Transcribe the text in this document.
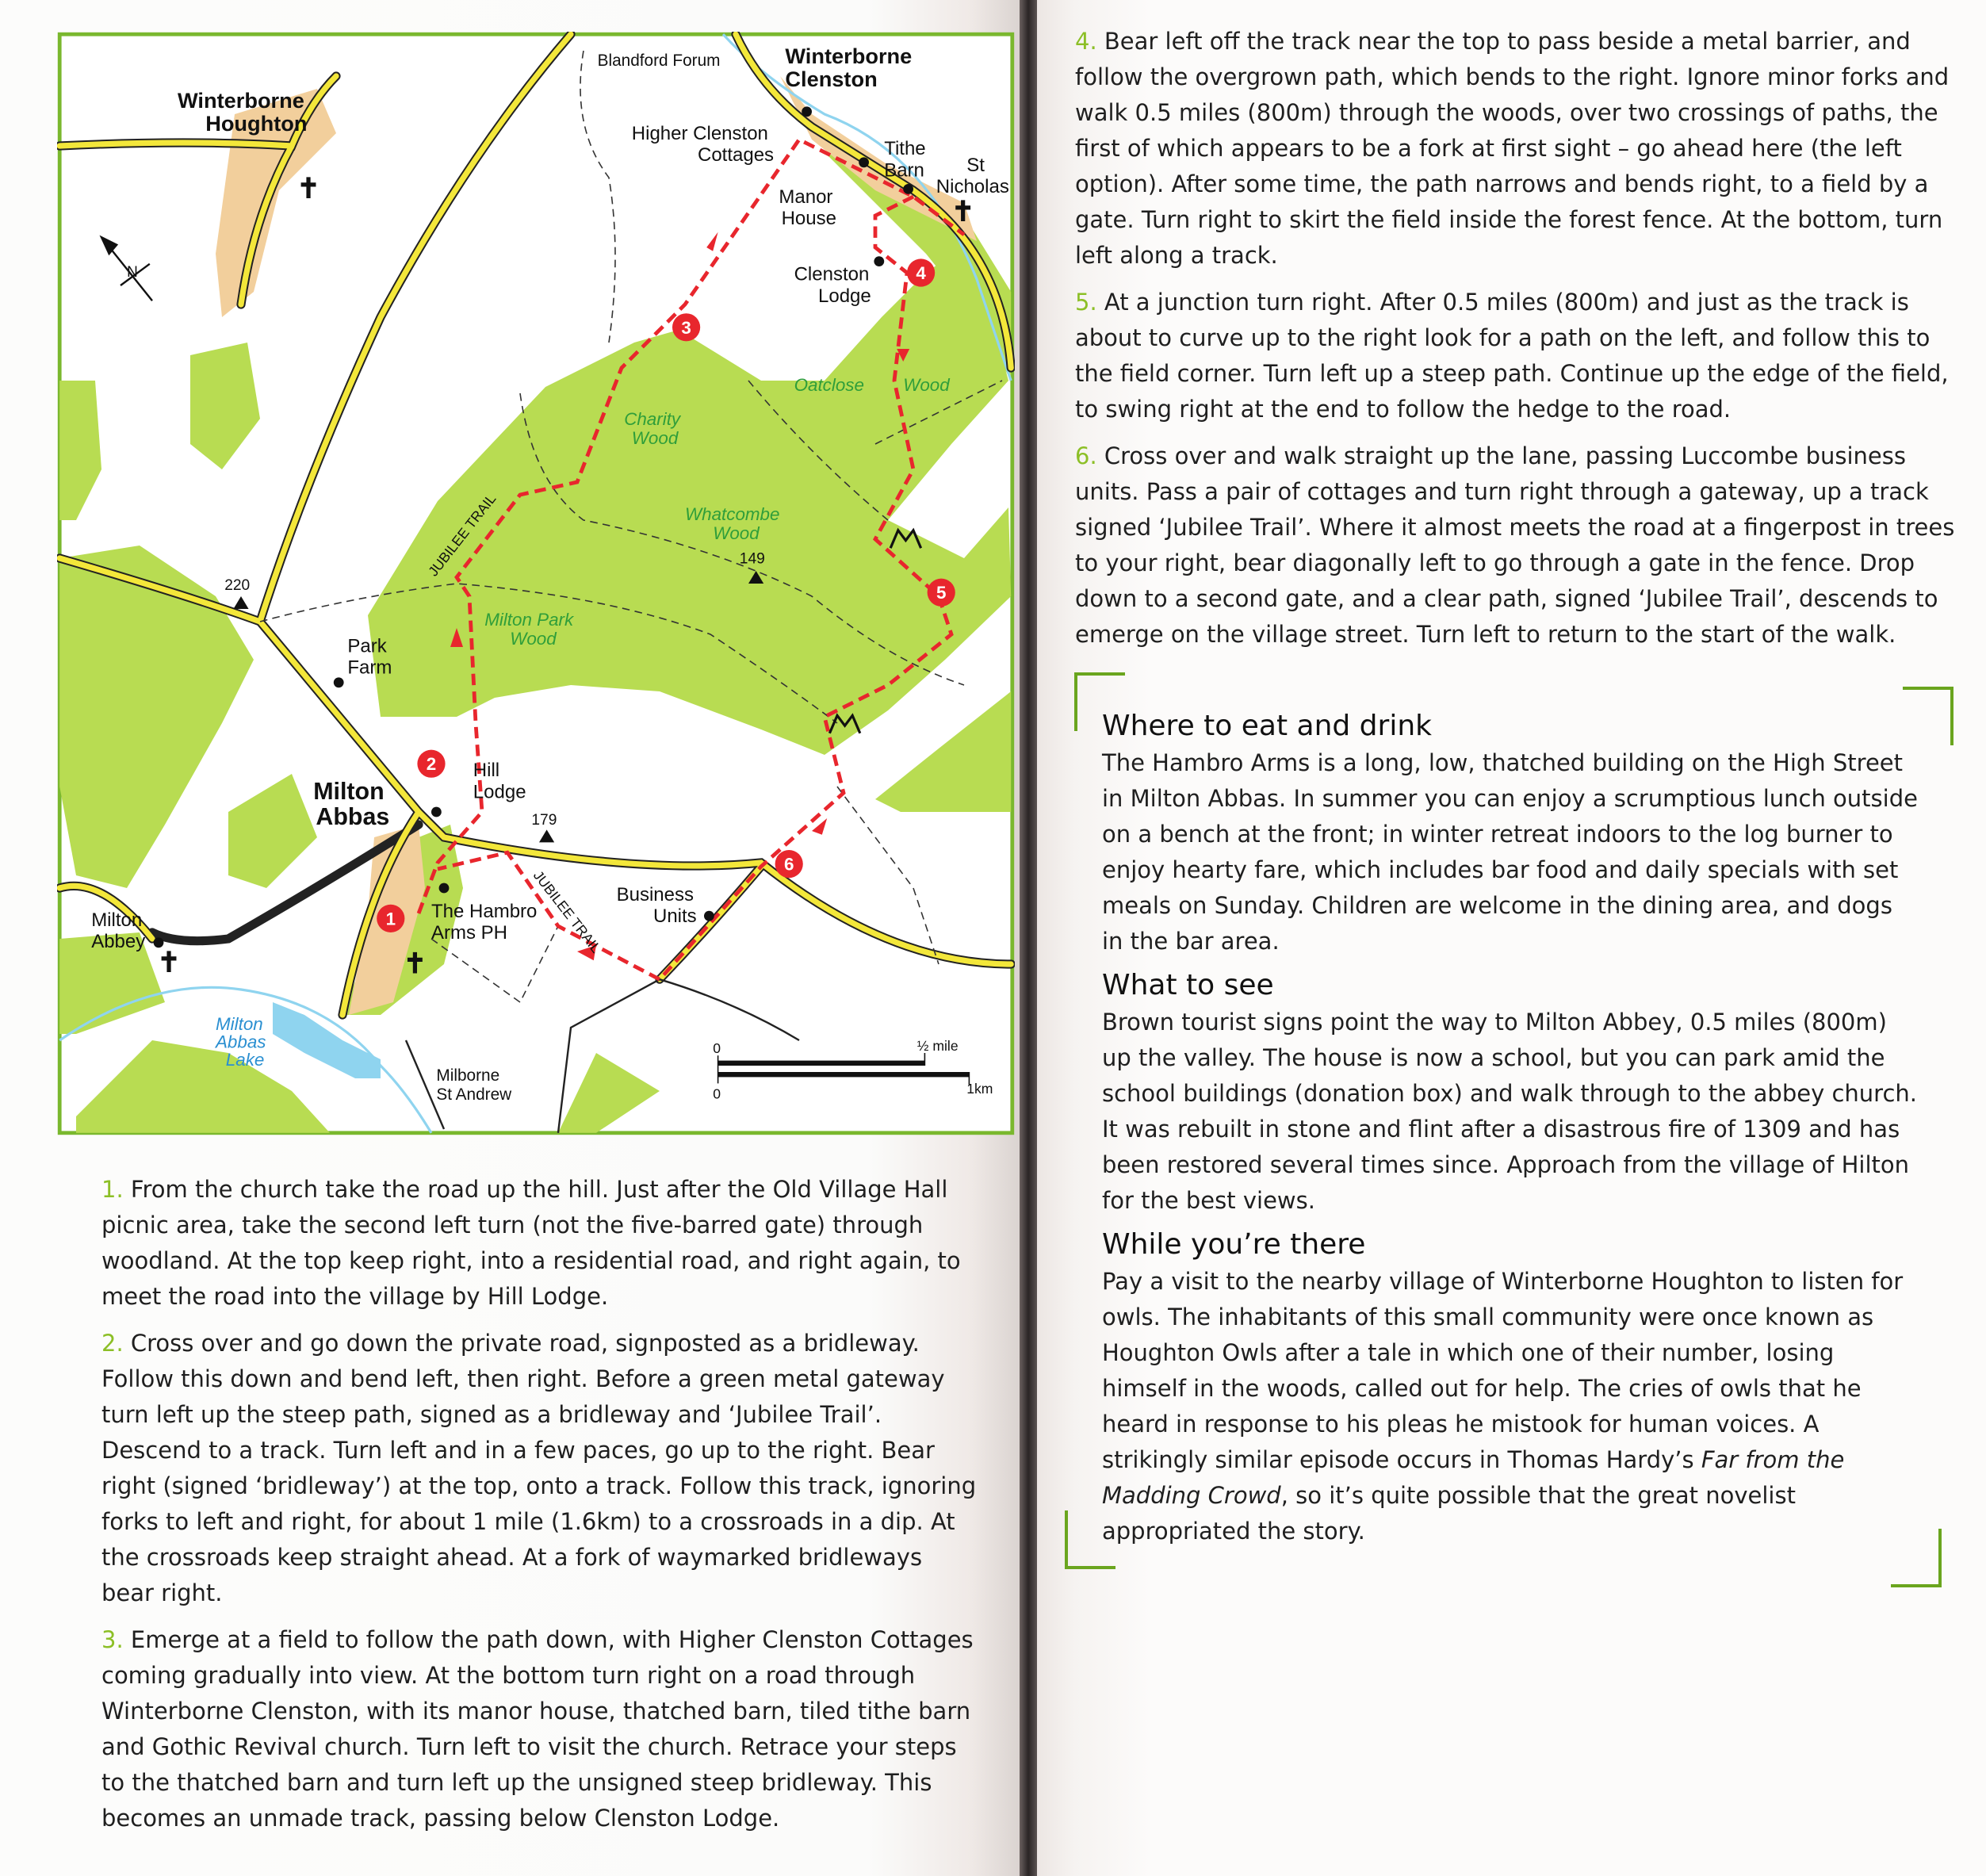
1
2
3
4
5
6
✝
✝
✝
✝
N
Winterborne Houghton
Blandford Forum	Winterborne Clenston
Higher Clenston Cottages	Tithe Barn	St Nicholas
Manor House
Clenston Lodge
Park Farm
Milton Abbas
Hill Lodge
The Hambro Arms PH
Business Units
Milton Abbey
Milborne St Andrew
220
149
179
Charity Wood
Oatclose	Wood
Whatcombe Wood
Milton Park Wood
Milton Abbas Lake
JUBILEE TRAIL
JUBILEE TRAIL
0
0
½ mile
1km

1. From the church take the road up the hill. Just after the Old Village Hall picnic area, take the second left turn (not the five-barred gate) through woodland. At the top keep right, into a residential road, and right again, to meet the road into the village by Hill Lodge.

2. Cross over and go down the private road, signposted as a bridleway. Follow this down and bend left, then right. Before a green metal gateway turn left up the steep path, signed as a bridleway and ‘Jubilee Trail’. Descend to a track. Turn left and in a few paces, go up to the right. Bear right (signed ‘bridleway’) at the top, onto a track. Follow this track, ignoring forks to left and right, for about 1 mile (1.6km) to a crossroads in a dip. At the crossroads keep straight ahead. At a fork of waymarked bridleways bear right.

3. Emerge at a field to follow the path down, with Higher Clenston Cottages coming gradually into view. At the bottom turn right on a road through Winterborne Clenston, with its manor house, thatched barn, tiled tithe barn and Gothic Revival church. Turn left to visit the church. Retrace your steps to the thatched barn and turn left up the unsigned steep bridleway. This becomes an unmade track, passing below Clenston Lodge.

4. Bear left off the track near the top to pass beside a metal barrier, and follow the overgrown path, which bends to the right. Ignore minor forks and walk 0.5 miles (800m) through the woods, over two crossings of paths, the first of which appears to be a fork at first sight – go ahead here (the left option). After some time, the path narrows and bends right, to a field by a gate. Turn right to skirt the field inside the forest fence. At the bottom, turn left along a track.

5. At a junction turn right. After 0.5 miles (800m) and just as the track is about to curve up to the right look for a path on the left, and follow this to the field corner. Turn left up a steep path. Continue up the edge of the field, to swing right at the end to follow the hedge to the road.

6. Cross over and walk straight up the lane, passing Luccombe business units. Pass a pair of cottages and turn right through a gateway, up a track signed ‘Jubilee Trail’. Where it almost meets the road at a fingerpost in trees to your right, bear diagonally left to go through a gate in the fence. Drop down to a second gate, and a clear path, signed ‘Jubilee Trail’, descends to emerge on the village street. Turn left to return to the start of the walk.

Where to eat and drink

The Hambro Arms is a long, low, thatched building on the High Street in Milton Abbas. In summer you can enjoy a scrumptious lunch outside on a bench at the front; in winter retreat indoors to the log burner to enjoy hearty fare, which includes bar food and daily specials with set meals on Sunday. Children are welcome in the dining area, and dogs in the bar area.

What to see

Brown tourist signs point the way to Milton Abbey, 0.5 miles (800m) up the valley. The house is now a school, but you can park amid the school buildings (donation box) and walk through to the abbey church. It was rebuilt in stone and flint after a disastrous fire of 1309 and has been restored several times since. Approach from the village of Hilton for the best views.

While you’re there

Pay a visit to the nearby village of Winterborne Houghton to listen for owls. The inhabitants of this small community were once known as Houghton Owls after a tale in which one of their number, losing himself in the woods, called out for help. The cries of owls that he heard in response to his pleas he mistook for human voices. A strikingly similar episode occurs in Thomas Hardy’s Far from the Madding Crowd, so it’s quite possible that the great novelist appropriated the story.
